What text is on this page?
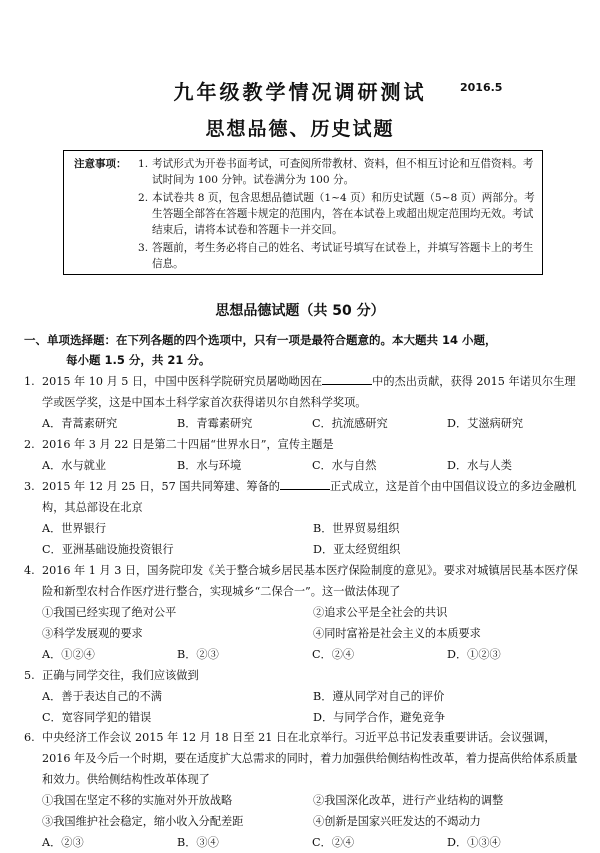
九年级教学情况调研测试	2016.5
思想品德、历史试题
注意事项： 1. 考试形式为开卷书面考试，可查阅所带教材、资料，但不相互讨论和互借资料。考试时间为 100 分钟。试卷满分为 100 分。
2. 本试卷共 8 页，包含思想品德试题（1~4 页）和历史试题（5~8 页）两部分。考生答题全部答在答题卡规定的范围内，答在本试卷上或超出规定范围均无效。考试结束后，请将本试卷和答题卡一并交回。
3. 答题前，考生务必将自己的姓名、考试证号填写在试卷上，并填写答题卡上的考生信息。
思想品德试题（共 50 分）
一、单项选择题：在下列各题的四个选项中，只有一项是最符合题意的。本大题共 14 小题，
每小题 1.5 分，共 21 分。
1. 2015 年 10 月 5 日，中国中医科学院研究员屠呦呦因在	中的杰出贡献，获得 2015 年诺贝尔生理学或医学奖，这是中国本土科学家首次获得诺贝尔自然科学奖项。
A．青蒿素研究	B．青霉素研究	C．抗流感研究	D．艾滋病研究
2. 2016 年 3 月 22 日是第二十四届“世界水日”，宣传主题是
A．水与就业	B．水与环境	C．水与自然	D．水与人类
3. 2015 年 12 月 25 日，57 国共同筹建、筹备的	正式成立，这是首个由中国倡议设立的多边金融机构，其总部设在北京
A．世界银行	B．世界贸易组织
C．亚洲基础设施投资银行	D．亚太经贸组织
4. 2016 年 1 月 3 日，国务院印发《关于整合城乡居民基本医疗保险制度的意见》。要求对城镇居民基本医疗保险和新型农村合作医疗进行整合，实现城乡“二保合一”。这一做法体现了
①我国已经实现了绝对公平	②追求公平是全社会的共识
③科学发展观的要求	④同时富裕是社会主义的本质要求
A．①②④	B．②③	C．②④	D．①②③
5. 正确与同学交往，我们应该做到
A．善于表达自己的不满	B．遵从同学对自己的评价
C．宽容同学犯的错误	D．与同学合作，避免竞争
6. 中央经济工作会议 2015 年 12 月 18 日至 21 日在北京举行。习近平总书记发表重要讲话。会议强调，2016 年及今后一个时期，要在适度扩大总需求的同时，着力加强供给侧结构性改革，着力提高供给体系质量和效力。供给侧结构性改革体现了
①我国在坚定不移的实施对外开放战略	②我国深化改革，进行产业结构的调整
③我国维护社会稳定，缩小收入分配差距	④创新是国家兴旺发达的不竭动力
A．②③	B．③④	C．②④	D．①③④
